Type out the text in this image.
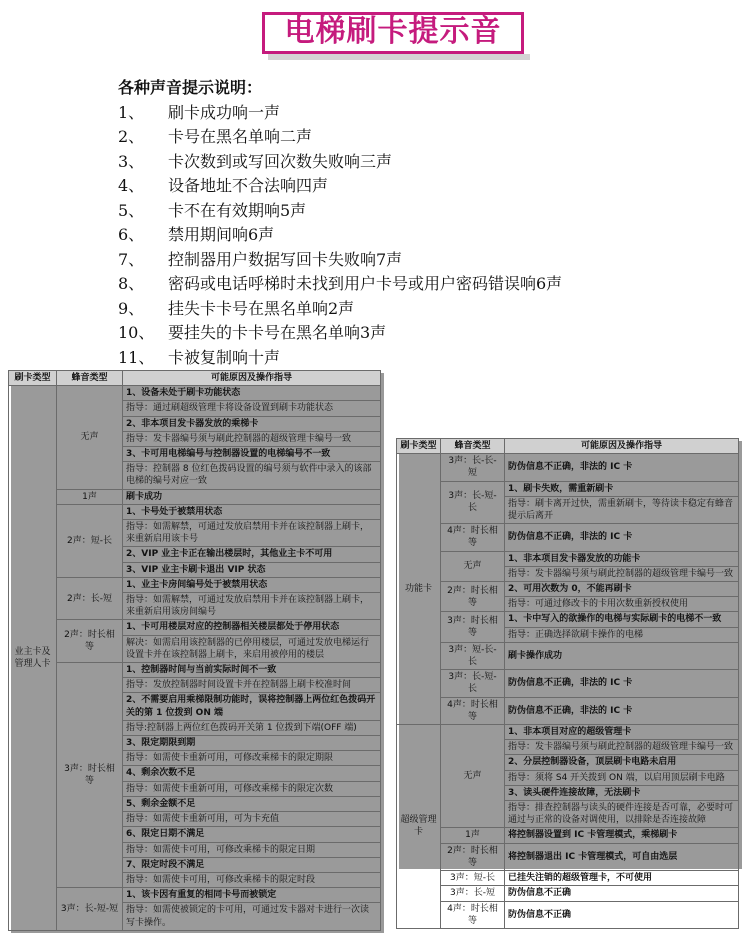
电梯刷卡提示音
各种声音提示说明：
1、	刷卡成功响一声
2、	卡号在黑名单响二声
3、	卡次数到或写回次数失败响三声
4、	设备地址不合法响四声
5、	卡不在有效期响5声
6、	禁用期间响6声
7、	控制器用户数据写回卡失败响7声
8、	密码或电话呼梯时未找到用户卡号或用户密码错误响6声
9、	挂失卡卡号在黑名单响2声
10、 要挂失的卡卡号在黑名单响3声
11、 卡被复制响十声
刷卡类型	蜂音类型	可能原因及操作指导
业主卡及管理人卡	无声	1、设备未处于刷卡功能状态
		指导：通过刷超级管理卡将设备设置到刷卡功能状态
		2、非本项目发卡器发放的乘梯卡
		指导：发卡器编号须与刷此控制器的超级管理卡编号一致
		3、卡可用电梯编号与控制器设置的电梯编号不一致
		指导：控制器 8 位红色拨码设置的编号须与软件中录入的该部电梯的编号对应一致
	1声	刷卡成功
	2声：短-长	1、卡号处于被禁用状态
		指导：如需解禁，可通过发放启禁用卡并在该控制器上刷卡，来重新启用该卡号
		2、VIP 业主卡正在输出楼层时，其他业主卡不可用
		3、VIP 业主卡刷卡退出 VIP 状态
	2声：长-短	1、业主卡房间编号处于被禁用状态
		指导：如需解禁，可通过发放启禁用卡并在该控制器上刷卡，来重新启用该房间编号
	2声：时长相等	1、卡可用楼层对应的控制器相关楼层都处于停用状态
		解决：如需启用该控制器的已停用楼层，可通过发放电梯运行设置卡并在该控制器上刷卡，来启用被停用的楼层
	3声：时长相等	1、控制器时间与当前实际时间不一致
		指导：发放控制器时间设置卡并在控制器上刷卡校准时间
		2、不需要启用乘梯限制功能时，误将控制器上两位红色拨码开关的第 1 位拨到 ON 端
		指导:控制器上两位红色拨码开关第 1 位拨到下端(OFF 端)
		3、限定期限到期
		指导：如需使卡重新可用，可修改乘梯卡的限定期限
		4、剩余次数不足
		指导：如需使卡重新可用，可修改乘梯卡的限定次数
		5、剩余金额不足
		指导：如需使卡重新可用，可为卡充值
		6、限定日期不满足
		指导：如需使卡可用，可修改乘梯卡的限定日期
		7、限定时段不满足
		指导：如需使卡可用，可修改乘梯卡的限定时段
	3声：长-短-短	1、该卡因有重复的相同卡号而被锁定
		指导：如需使被锁定的卡可用，可通过发卡器对卡进行一次读写卡操作。
刷卡类型	蜂音类型	可能原因及操作指导
功能卡	3声：长-长-短	防伪信息不正确，非法的 IC 卡
	3声：长-短-长	1、刷卡失败，需重新刷卡
		指导：刷卡离开过快，需重新刷卡，等待读卡稳定有蜂音提示后离开
	4声：时长相等	防伪信息不正确，非法的 IC 卡
	无声	1、非本项目发卡器发放的功能卡
		指导：发卡器编号须与刷此控制器的超级管理卡编号一致
	2声：时长相等	2、可用次数为 0，不能再刷卡
		指导：可通过修改卡的卡用次数重新授权使用
	3声：时长相等	1、卡中写入的欲操作的电梯与实际刷卡的电梯不一致
		指导：正确选择欲刷卡操作的电梯
	3声：短-长-长	刷卡操作成功
	3声：长-短-长	防伪信息不正确，非法的 IC 卡
	4声：时长相等	防伪信息不正确，非法的 IC 卡
超级管理卡	无声	1、非本项目对应的超级管理卡
		指导：发卡器编号须与刷此控制器的超级管理卡编号一致
		2、分层控制器设备，顶层刷卡电路未启用
		指导：须将 S4 开关拨到 ON 端，以启用顶层刷卡电路
		3、读头硬件连接故障，无法刷卡
		指导：排查控制器与读头的硬件连接是否可靠，必要时可通过与正常的设备对调使用，以排除是否连接故障
	1声	将控制器设置到 IC 卡管理模式，乘梯刷卡
	2声：时长相等	将控制器退出 IC 卡管理模式，可自由选层
	3声：短-长	已挂失注销的超级管理卡，不可使用
	3声：长-短	防伪信息不正确
	4声：时长相等	防伪信息不正确
